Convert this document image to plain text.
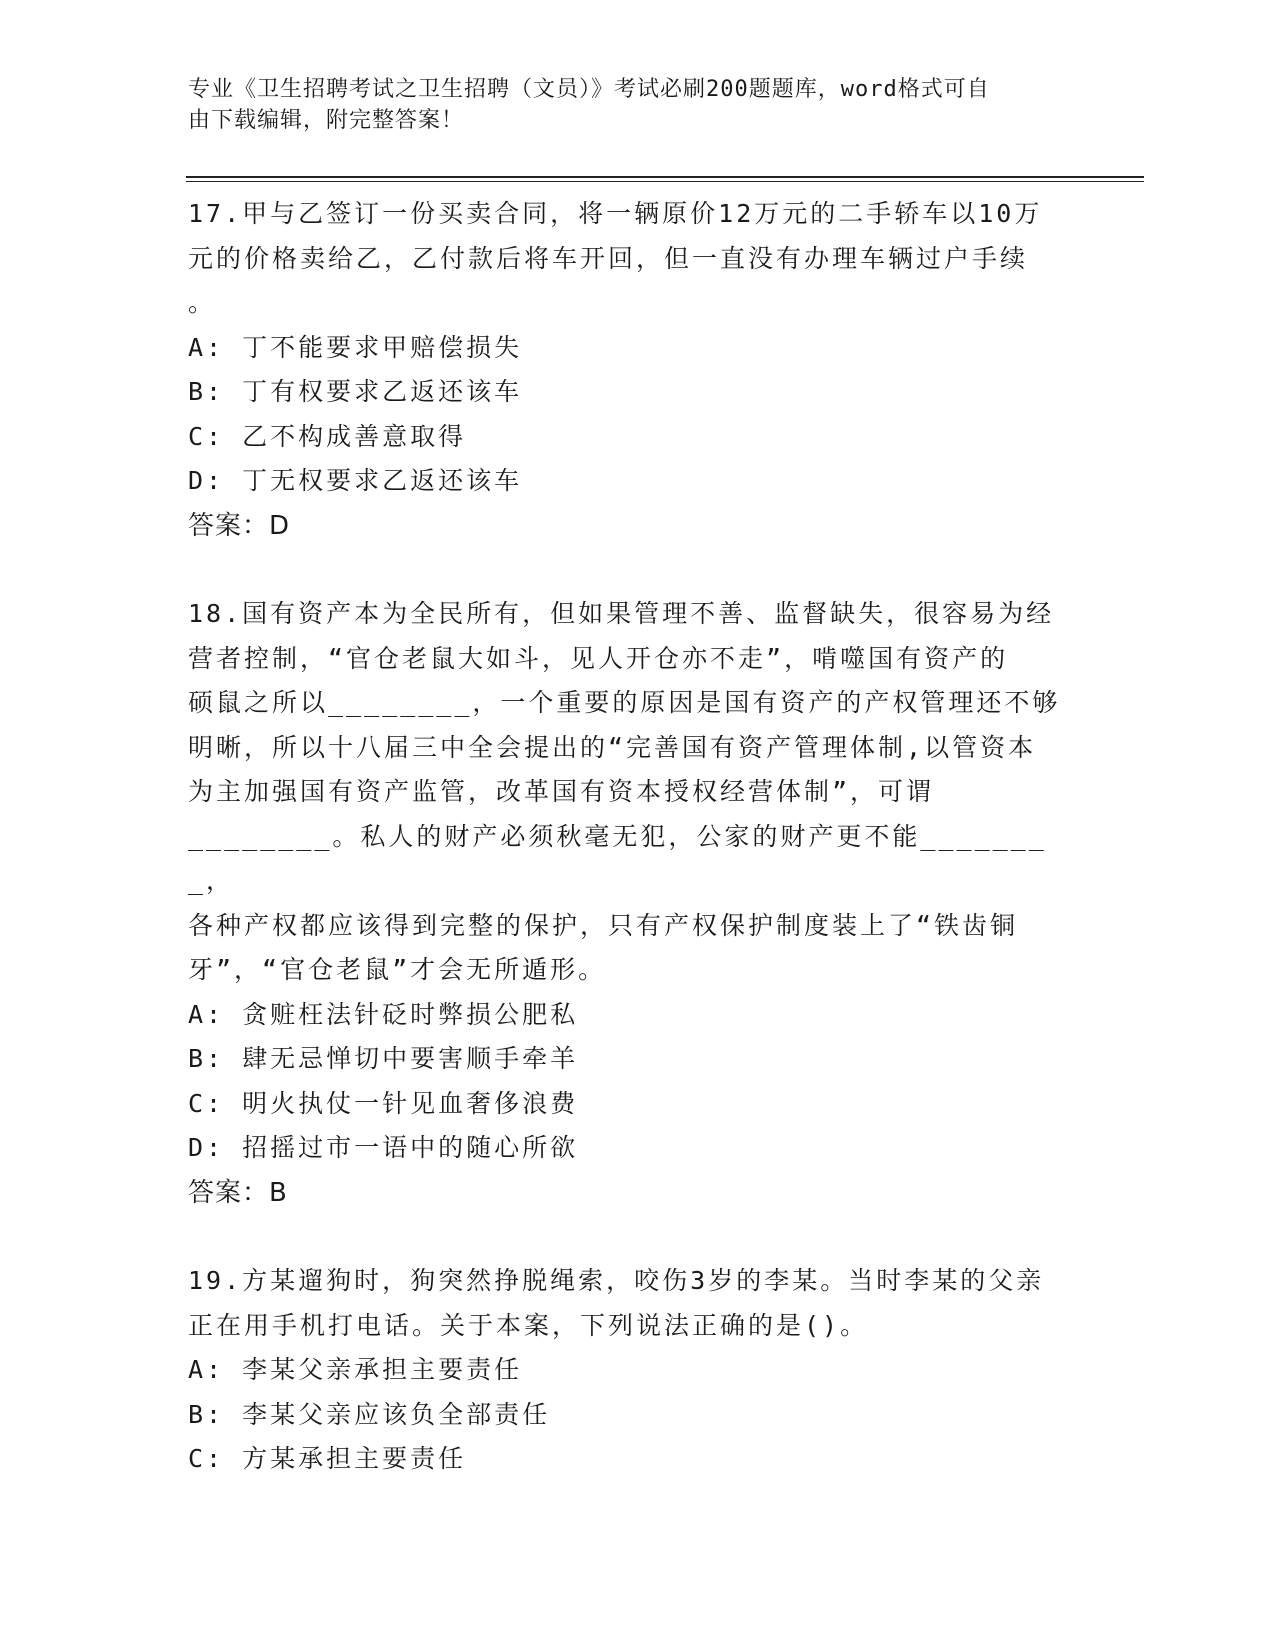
专业《卫生招聘考试之卫生招聘（文员）》考试必刷200题题库，word格式可自
由下载编辑，附完整答案！

17.甲与乙签订一份买卖合同，将一辆原价12万元的二手轿车以10万

元的价格卖给乙，乙付款后将车开回，但一直没有办理车辆过户手续

。

A: 丁不能要求甲赔偿损失

B: 丁有权要求乙返还该车

C: 乙不构成善意取得

D: 丁无权要求乙返还该车

答案：D

18.国有资产本为全民所有，但如果管理不善、监督缺失，很容易为经

营者控制，“官仓老鼠大如斗，见人开仓亦不走”，啃噬国有资产的

硕鼠之所以________，一个重要的原因是国有资产的产权管理还不够

明晰，所以十八届三中全会提出的“完善国有资产管理体制,以管资本

为主加强国有资产监管，改革国有资本授权经营体制”，可谓

________。私人的财产必须秋毫无犯，公家的财产更不能________，

各种产权都应该得到完整的保护，只有产权保护制度装上了“铁齿铜

牙”，“官仓老鼠”才会无所遁形。

A: 贪赃枉法针砭时弊损公肥私

B: 肆无忌惮切中要害顺手牵羊

C: 明火执仗一针见血奢侈浪费

D: 招摇过市一语中的随心所欲

答案：B

19.方某遛狗时，狗突然挣脱绳索，咬伤3岁的李某。当时李某的父亲

正在用手机打电话。关于本案，下列说法正确的是()。

A: 李某父亲承担主要责任

B: 李某父亲应该负全部责任

C: 方某承担主要责任
